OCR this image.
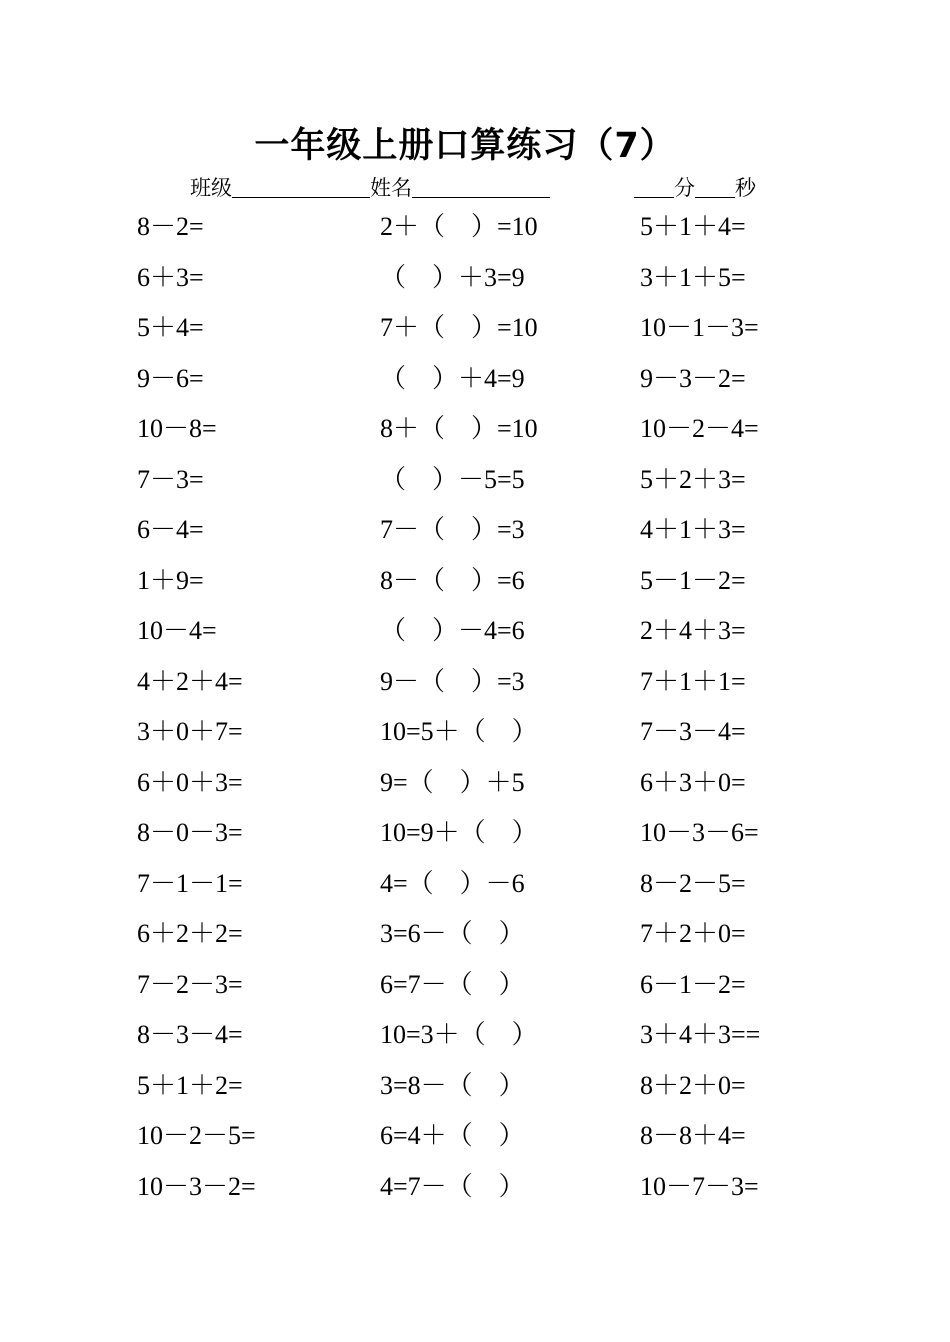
一年级上册口算练习（7）
班级	姓名	分 秒
8－2=	2＋（　）=10	5＋1＋4=
6＋3=	（　）＋3=9	3＋1＋5=
5＋4=	7＋（　）=10	10－1－3=
9－6=	（　）＋4=9	9－3－2=
10－8=	8＋（　）=10	10－2－4=
7－3=	（　）－5=5	5＋2＋3=
6－4=	7－（　）=3	4＋1＋3=
1＋9=	8－（　）=6	5－1－2=
10－4=	（　）－4=6	2＋4＋3=
4＋2＋4=	9－（　）=3	7＋1＋1=
3＋0＋7=	10=5＋（　）	7－3－4=
6＋0＋3=	9=（　）＋5	6＋3＋0=
8－0－3=	10=9＋（　）	10－3－6=
7－1－1=	4=（　）－6	8－2－5=
6＋2＋2=	3=6－（　）	7＋2＋0=
7－2－3=	6=7－（　）	6－1－2=
8－3－4=	10=3＋（　）	3＋4＋3==
5＋1＋2=	3=8－（　）	8＋2＋0=
10－2－5=	6=4＋（　）	8－8＋4=
10－3－2=	4=7－（　）	10－7－3=
